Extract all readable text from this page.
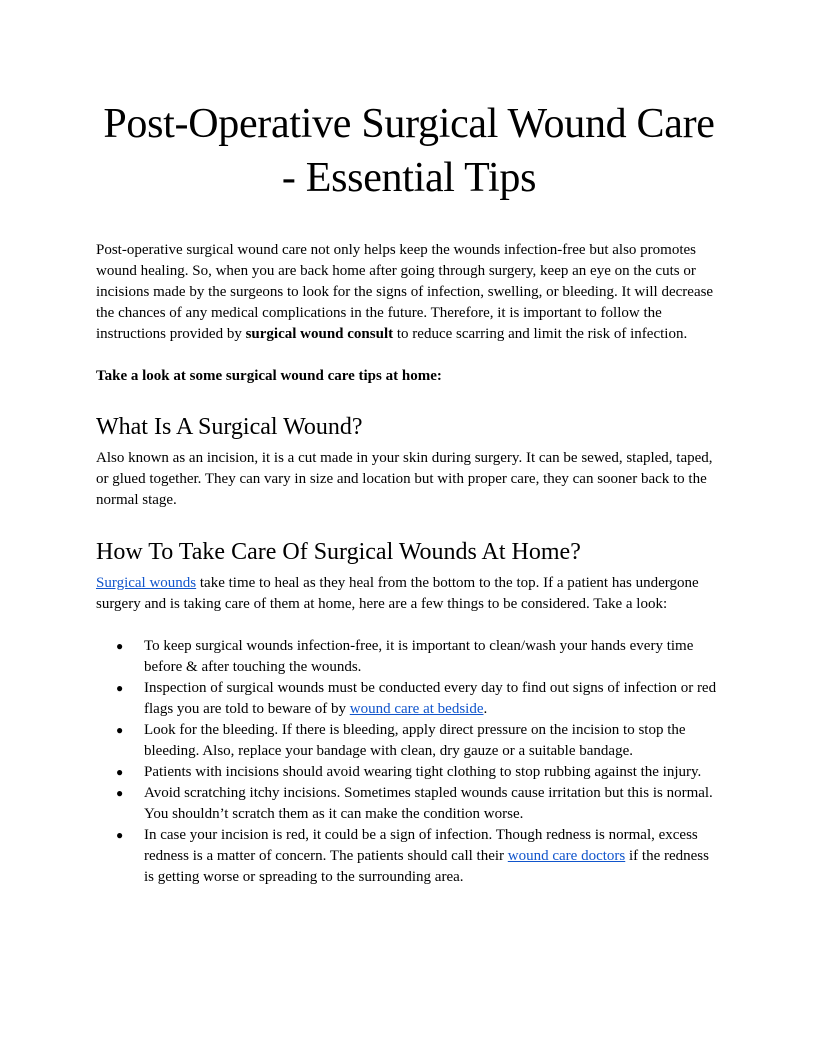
Post-Operative Surgical Wound Care
- Essential Tips

Post-operative surgical wound care not only helps keep the wounds infection-free but also promotes wound healing. So, when you are back home after going through surgery, keep an eye on the cuts or incisions made by the surgeons to look for the signs of infection, swelling, or bleeding. It will decrease the chances of any medical complications in the future. Therefore, it is important to follow the instructions provided by surgical wound consult to reduce scarring and limit the risk of infection.

Take a look at some surgical wound care tips at home:

What Is A Surgical Wound?

Also known as an incision, it is a cut made in your skin during surgery. It can be sewed, stapled, taped, or glued together. They can vary in size and location but with proper care, they can sooner back to the normal stage.

How To Take Care Of Surgical Wounds At Home?

Surgical wounds take time to heal as they heal from the bottom to the top. If a patient has undergone surgery and is taking care of them at home, here are a few things to be considered. Take a look:

● To keep surgical wounds infection-free, it is important to clean/wash your hands every time before & after touching the wounds.
● Inspection of surgical wounds must be conducted every day to find out signs of infection or red flags you are told to beware of by wound care at bedside.
● Look for the bleeding. If there is bleeding, apply direct pressure on the incision to stop the bleeding. Also, replace your bandage with clean, dry gauze or a suitable bandage.
● Patients with incisions should avoid wearing tight clothing to stop rubbing against the injury.
● Avoid scratching itchy incisions. Sometimes stapled wounds cause irritation but this is normal. You shouldn’t scratch them as it can make the condition worse.
● In case your incision is red, it could be a sign of infection. Though redness is normal, excess redness is a matter of concern. The patients should call their wound care doctors if the redness is getting worse or spreading to the surrounding area.
